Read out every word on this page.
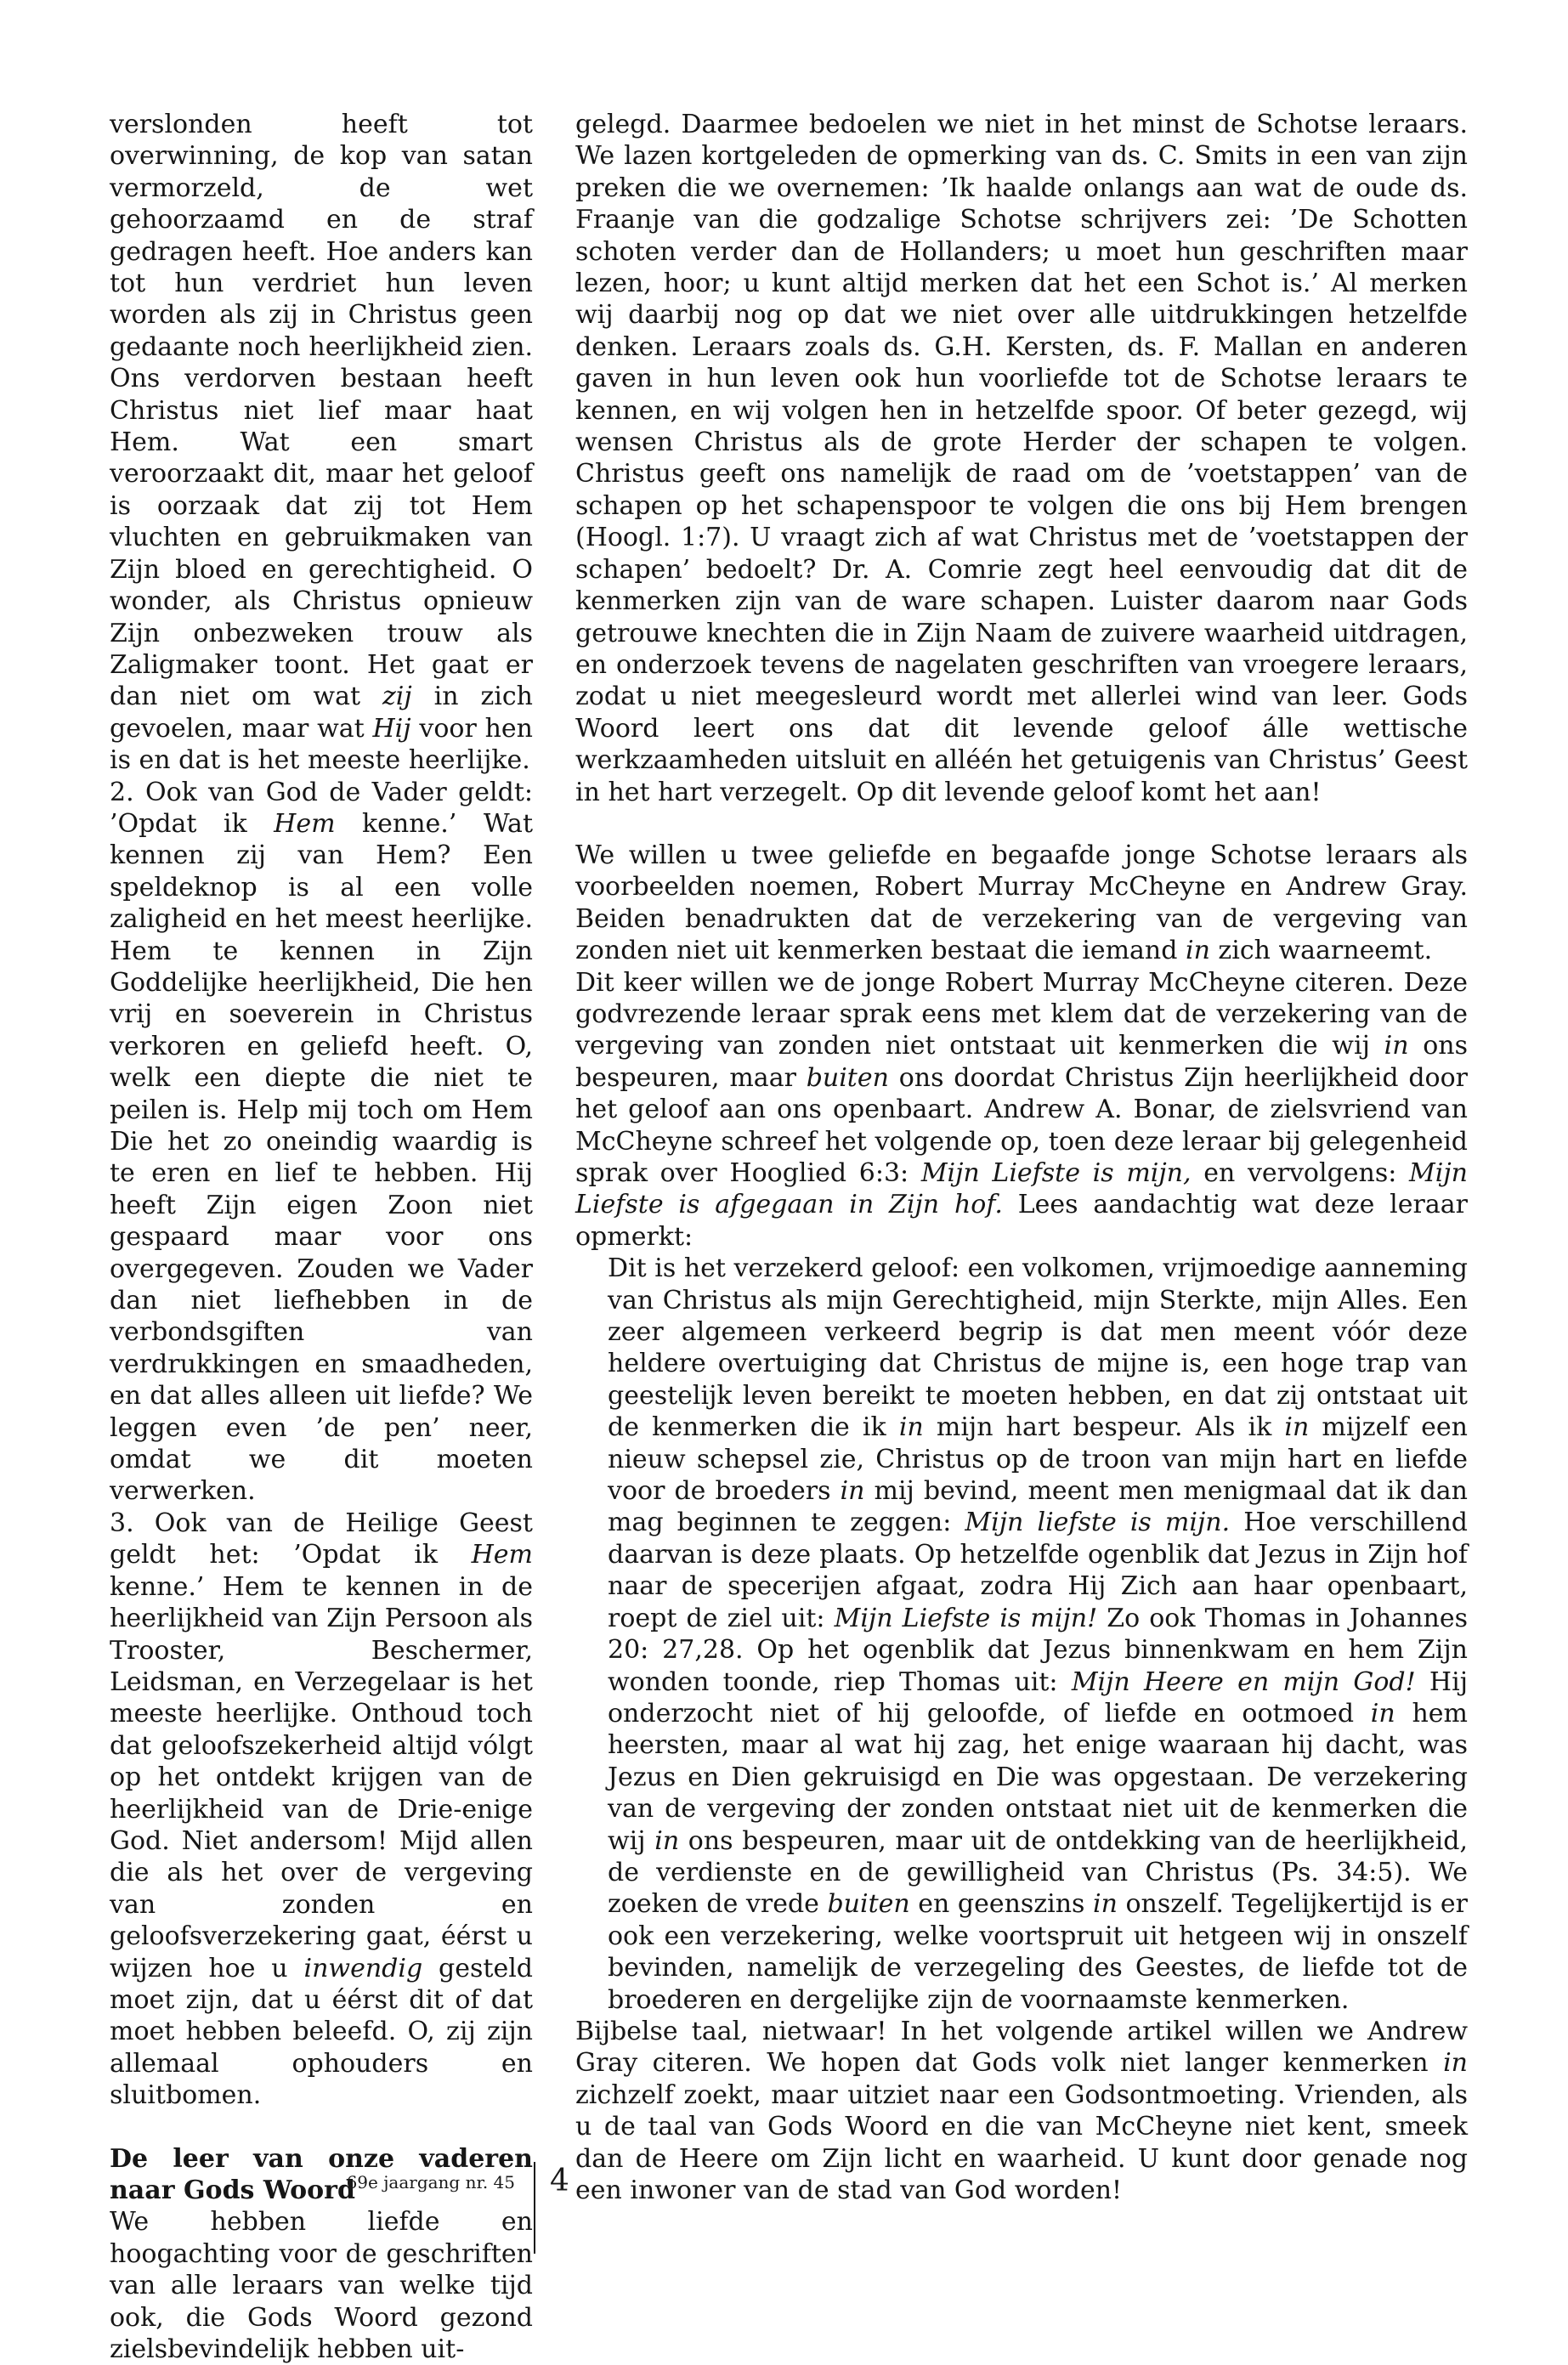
verslonden heeft tot overwinning, de kop van satan vermorzeld, de wet gehoorzaamd en de straf gedragen heeft. Hoe anders kan tot hun verdriet hun leven worden als zij in Christus geen gedaante noch heerlijkheid zien. Ons verdorven bestaan heeft Christus niet lief maar haat Hem. Wat een smart veroorzaakt dit, maar het geloof is oorzaak dat zij tot Hem vluchten en gebruikmaken van Zijn bloed en gerechtigheid. O wonder, als Christus opnieuw Zijn onbezweken trouw als Zaligmaker toont. Het gaat er dan niet om wat zij in zich gevoelen, maar wat Hij voor hen is en dat is het meeste heerlijke.

2. Ook van God de Vader geldt: ’Opdat ik Hem kenne.’ Wat kennen zij van Hem? Een speldeknop is al een volle zaligheid en het meest heerlijke. Hem te kennen in Zijn Goddelijke heerlijkheid, Die hen vrij en soeverein in Christus verkoren en geliefd heeft. O, welk een diepte die niet te peilen is. Help mij toch om Hem Die het zo oneindig waardig is te eren en lief te hebben. Hij heeft Zijn eigen Zoon niet gespaard maar voor ons overgegeven. Zouden we Vader dan niet liefhebben in de verbondsgiften van verdrukkingen en smaadheden, en dat alles alleen uit liefde? We leggen even ’de pen’ neer, omdat we dit moeten verwerken.

3. Ook van de Heilige Geest geldt het: ’Opdat ik Hem kenne.’ Hem te kennen in de heerlijkheid van Zijn Persoon als Trooster, Beschermer, Leidsman, en Verzegelaar is het meeste heerlijke. Onthoud toch dat geloofszekerheid altijd vólgt op het ontdekt krijgen van de heerlijkheid van de Drie-enige God. Niet andersom! Mijd allen die als het over de vergeving van zonden en geloofsverzekering gaat, éérst u wijzen hoe u inwendig gesteld moet zijn, dat u éérst dit of dat moet hebben beleefd. O, zij zijn allemaal ophouders en sluitbomen.

De leer van onze vaderen naar Gods Woord

We hebben liefde en hoogachting voor de geschriften van alle leraars van welke tijd ook, die Gods Woord gezond zielsbevindelijk hebben uit-

gelegd. Daarmee bedoelen we niet in het minst de Schotse leraars. We lazen kortgeleden de opmerking van ds. C. Smits in een van zijn preken die we overnemen: ’Ik haalde onlangs aan wat de oude ds. Fraanje van die godzalige Schotse schrijvers zei: ’De Schotten schoten verder dan de Hollanders; u moet hun geschriften maar lezen, hoor; u kunt altijd merken dat het een Schot is.’ Al merken wij daarbij nog op dat we niet over alle uitdrukkingen hetzelfde denken. Leraars zoals ds. G.H. Kersten, ds. F. Mallan en anderen gaven in hun leven ook hun voorliefde tot de Schotse leraars te kennen, en wij volgen hen in hetzelfde spoor. Of beter gezegd, wij wensen Christus als de grote Herder der schapen te volgen. Christus geeft ons namelijk de raad om de ’voetstappen’ van de schapen op het schapenspoor te volgen die ons bij Hem brengen (Hoogl. 1:7). U vraagt zich af wat Christus met de ’voetstappen der schapen’ bedoelt? Dr. A. Comrie zegt heel eenvoudig dat dit de kenmerken zijn van de ware schapen. Luister daarom naar Gods getrouwe knechten die in Zijn Naam de zuivere waarheid uitdragen, en onderzoek tevens de nagelaten geschriften van vroegere leraars, zodat u niet meegesleurd wordt met allerlei wind van leer. Gods Woord leert ons dat dit levende geloof álle wettische werkzaamheden uitsluit en alléén het getuigenis van Christus’ Geest in het hart verzegelt. Op dit levende geloof komt het aan!

We willen u twee geliefde en begaafde jonge Schotse leraars als voorbeelden noemen, Robert Murray McCheyne en Andrew Gray. Beiden benadrukten dat de verzekering van de vergeving van zonden niet uit kenmerken bestaat die iemand in zich waarneemt.

Dit keer willen we de jonge Robert Murray McCheyne citeren. Deze godvrezende leraar sprak eens met klem dat de verzekering van de vergeving van zonden niet ontstaat uit kenmerken die wij in ons bespeuren, maar buiten ons doordat Christus Zijn heerlijkheid door het geloof aan ons openbaart. Andrew A. Bonar, de zielsvriend van McCheyne schreef het volgende op, toen deze leraar bij gelegenheid sprak over Hooglied 6:3: Mijn Liefste is mijn, en vervolgens: Mijn Liefste is afgegaan in Zijn hof. Lees aandachtig wat deze leraar opmerkt:

Dit is het verzekerd geloof: een volkomen, vrijmoedige aanneming van Christus als mijn Gerechtigheid, mijn Sterkte, mijn Alles. Een zeer algemeen verkeerd begrip is dat men meent vóór deze heldere overtuiging dat Christus de mijne is, een hoge trap van geestelijk leven bereikt te moeten hebben, en dat zij ontstaat uit de kenmerken die ik in mijn hart bespeur. Als ik in mijzelf een nieuw schepsel zie, Christus op de troon van mijn hart en liefde voor de broeders in mij bevind, meent men menigmaal dat ik dan mag beginnen te zeggen: Mijn liefste is mijn. Hoe verschillend daarvan is deze plaats. Op hetzelfde ogenblik dat Jezus in Zijn hof naar de specerijen afgaat, zodra Hij Zich aan haar openbaart, roept de ziel uit: Mijn Liefste is mijn! Zo ook Thomas in Johannes 20: 27,28. Op het ogenblik dat Jezus binnenkwam en hem Zijn wonden toonde, riep Thomas uit: Mijn Heere en mijn God! Hij onderzocht niet of hij geloofde, of liefde en ootmoed in hem heersten, maar al wat hij zag, het enige waaraan hij dacht, was Jezus en Dien gekruisigd en Die was opgestaan. De verzekering van de vergeving der zonden ontstaat niet uit de kenmerken die wij in ons bespeuren, maar uit de ontdekking van de heerlijkheid, de verdienste en de gewilligheid van Christus (Ps. 34:5). We zoeken de vrede buiten en geenszins in onszelf. Tegelijkertijd is er ook een verzekering, welke voortspruit uit hetgeen wij in onszelf bevinden, namelijk de verzegeling des Geestes, de liefde tot de broederen en dergelijke zijn de voornaamste kenmerken.

Bijbelse taal, nietwaar! In het volgende artikel willen we Andrew Gray citeren. We hopen dat Gods volk niet langer kenmerken in zichzelf zoekt, maar uitziet naar een Godsontmoeting. Vrienden, als u de taal van Gods Woord en die van McCheyne niet kent, smeek dan de Heere om Zijn licht en waarheid. U kunt door genade nog een inwoner van de stad van God worden!

69e jaargang nr. 45 4
